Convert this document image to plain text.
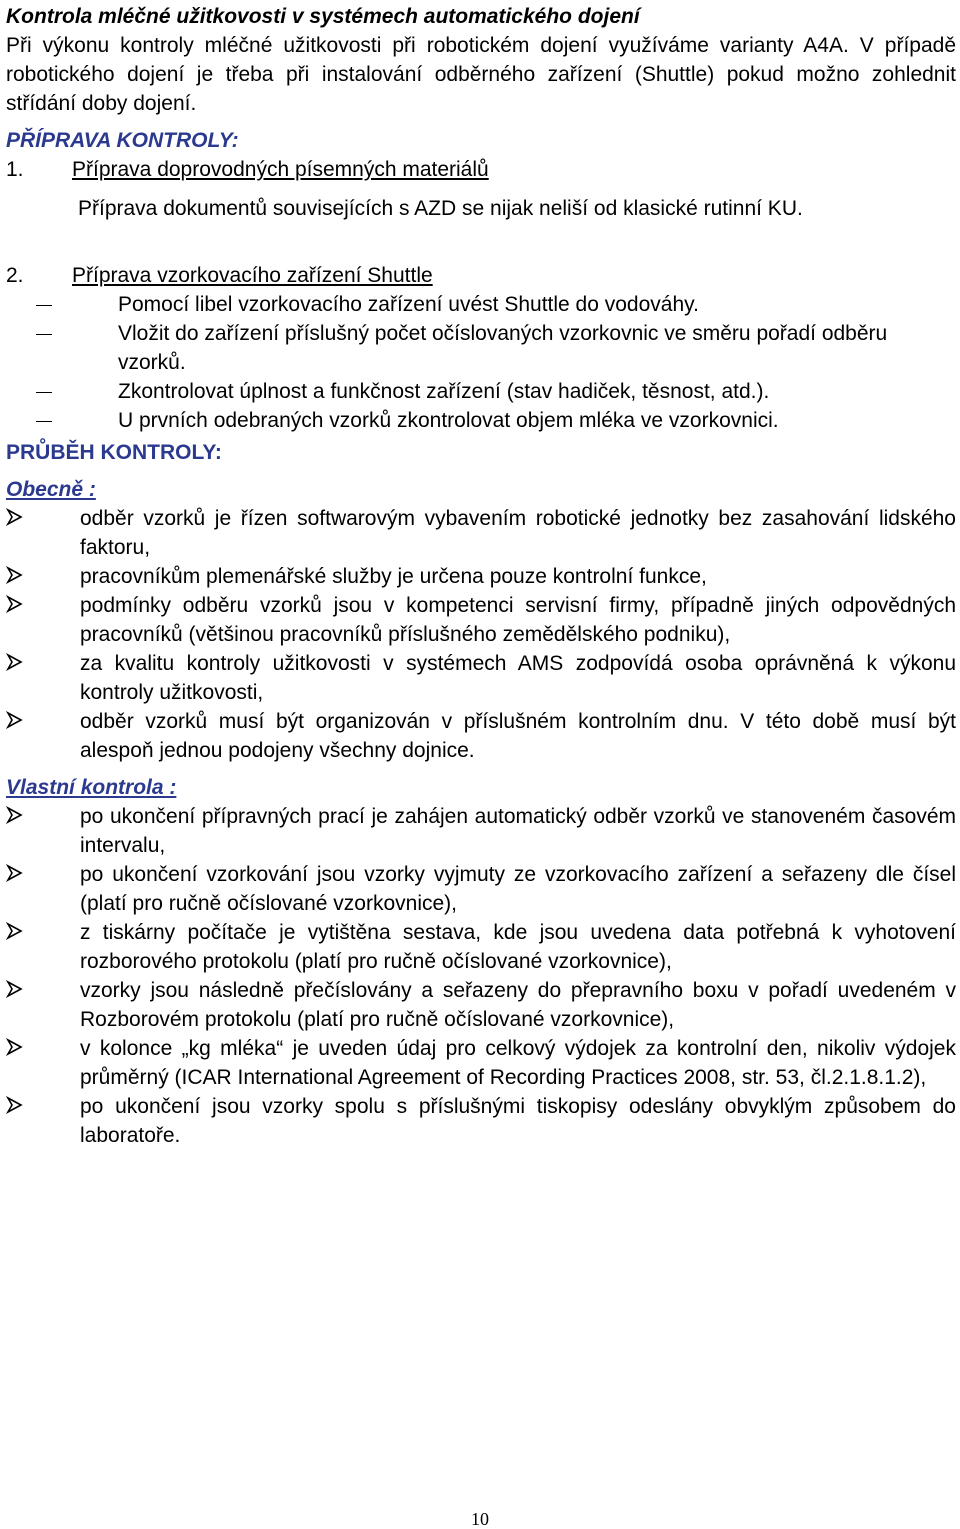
Kontrola mléčné užitkovosti v systémech automatického dojení

Při výkonu kontroly mléčné užitkovosti při robotickém dojení využíváme varianty A4A. V případě robotického dojení je třeba při instalování odběrného zařízení (Shuttle) pokud možno zohlednit střídání doby dojení.

PŘÍPRAVA KONTROLY:

1.	Příprava doprovodných písemných materiálů

Příprava dokumentů souvisejících s AZD se nijak neliší od klasické rutinní KU.

2.	Příprava vzorkovacího zařízení Shuttle
Pomocí libel vzorkovacího zařízení uvést Shuttle do vodováhy.
Vložit do zařízení příslušný počet očíslovaných vzorkovnic ve směru pořadí odběru vzorků.
Zkontrolovat úplnost a funkčnost zařízení (stav hadiček, těsnost, atd.).
U prvních odebraných vzorků zkontrolovat objem mléka ve vzorkovnici.

PRŮBĚH KONTROLY:

Obecně :

odběr vzorků je řízen softwarovým vybavením robotické jednotky bez zasahování lidského faktoru,
pracovníkům plemenářské služby je určena pouze kontrolní funkce,
podmínky odběru vzorků jsou v kompetenci servisní firmy, případně jiných odpovědných pracovníků (většinou pracovníků příslušného zemědělského podniku),
za kvalitu kontroly užitkovosti v systémech AMS zodpovídá osoba oprávněná k výkonu kontroly užitkovosti,
odběr vzorků musí být organizován v příslušném kontrolním dnu. V této době musí být alespoň jednou podojeny všechny dojnice.

Vlastní kontrola :

po ukončení přípravných prací je zahájen automatický odběr vzorků ve stanoveném časovém intervalu,
po ukončení vzorkování jsou vzorky vyjmuty ze vzorkovacího zařízení a seřazeny dle čísel (platí pro ručně očíslované vzorkovnice),
z tiskárny počítače je vytištěna sestava, kde jsou uvedena data potřebná k vyhotovení rozborového protokolu (platí pro ručně očíslované vzorkovnice),
vzorky jsou následně přečíslovány a seřazeny do přepravního boxu v pořadí uvedeném v Rozborovém protokolu (platí pro ručně očíslované vzorkovnice),
v kolonce „kg mléka“ je uveden údaj pro celkový výdojek za kontrolní den, nikoliv výdojek průměrný (ICAR International Agreement of Recording Practices 2008, str. 53, čl.2.1.8.1.2),
po ukončení jsou vzorky spolu s příslušnými tiskopisy odeslány obvyklým způsobem do laboratoře.
10
